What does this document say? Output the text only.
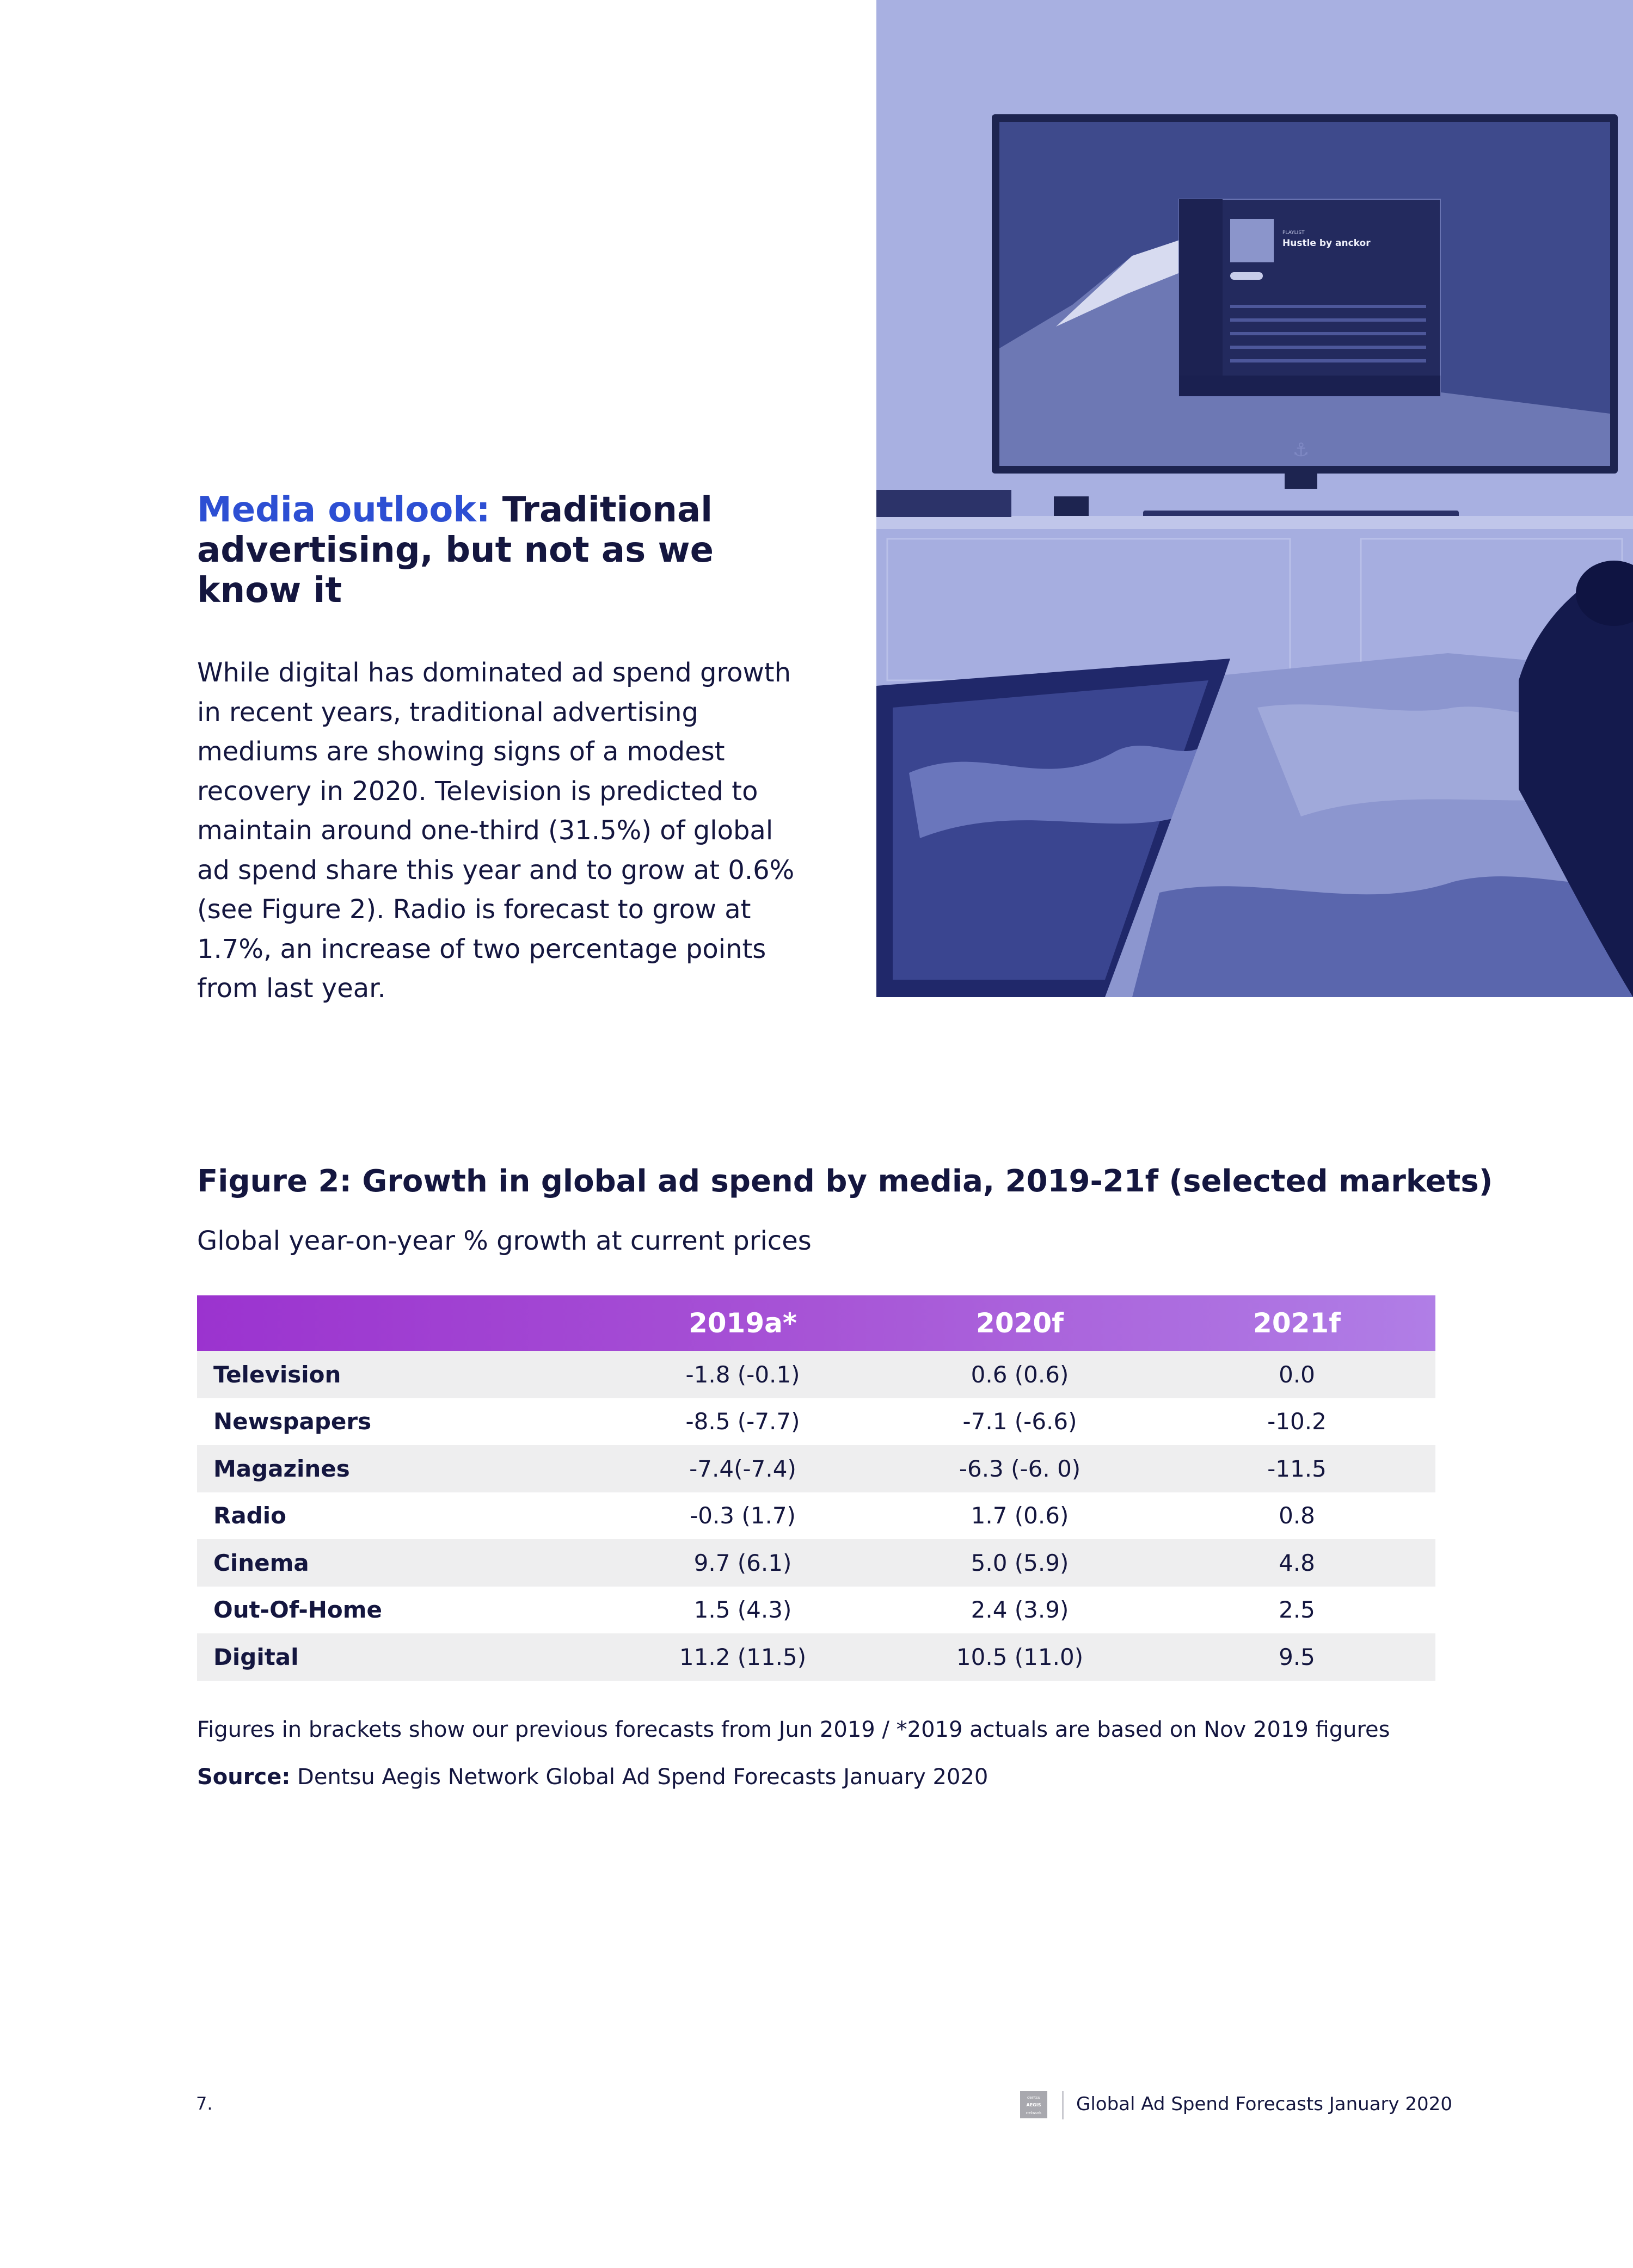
PLAYLIST
Hustle by anckor
⚓
Media outlook: Traditional advertising, but not as we know it

While digital has dominated ad spend growth in recent years, traditional advertising mediums are showing signs of a modest recovery in 2020. Television is predicted to maintain around one-third (31.5%) of global ad spend share this year and to grow at 0.6% (see Figure 2). Radio is forecast to grow at 1.7%, an increase of two percentage points from last year.

Figure 2: Growth in global ad spend by media, 2019-21f (selected markets)

Global year-on-year % growth at current prices

	2019a*	2020f	2021f
Television	-1.8 (-0.1)	0.6 (0.6)	0.0
Newspapers	-8.5 (-7.7)	-7.1 (-6.6)	-10.2
Magazines	-7.4(-7.4)	-6.3 (-6. 0)	-11.5
Radio	-0.3 (1.7)	1.7 (0.6)	0.8
Cinema	9.7 (6.1)	5.0 (5.9)	4.8
Out-Of-Home	1.5 (4.3)	2.4 (3.9)	2.5
Digital	11.2 (11.5)	10.5 (11.0)	9.5

Figures in brackets show our previous forecasts from Jun 2019 / *2019 actuals are based on Nov 2019 figures

Source: Dentsu Aegis Network Global Ad Spend Forecasts January 2020

7.	dentsu
AEGIS
network Global Ad Spend Forecasts January 2020
